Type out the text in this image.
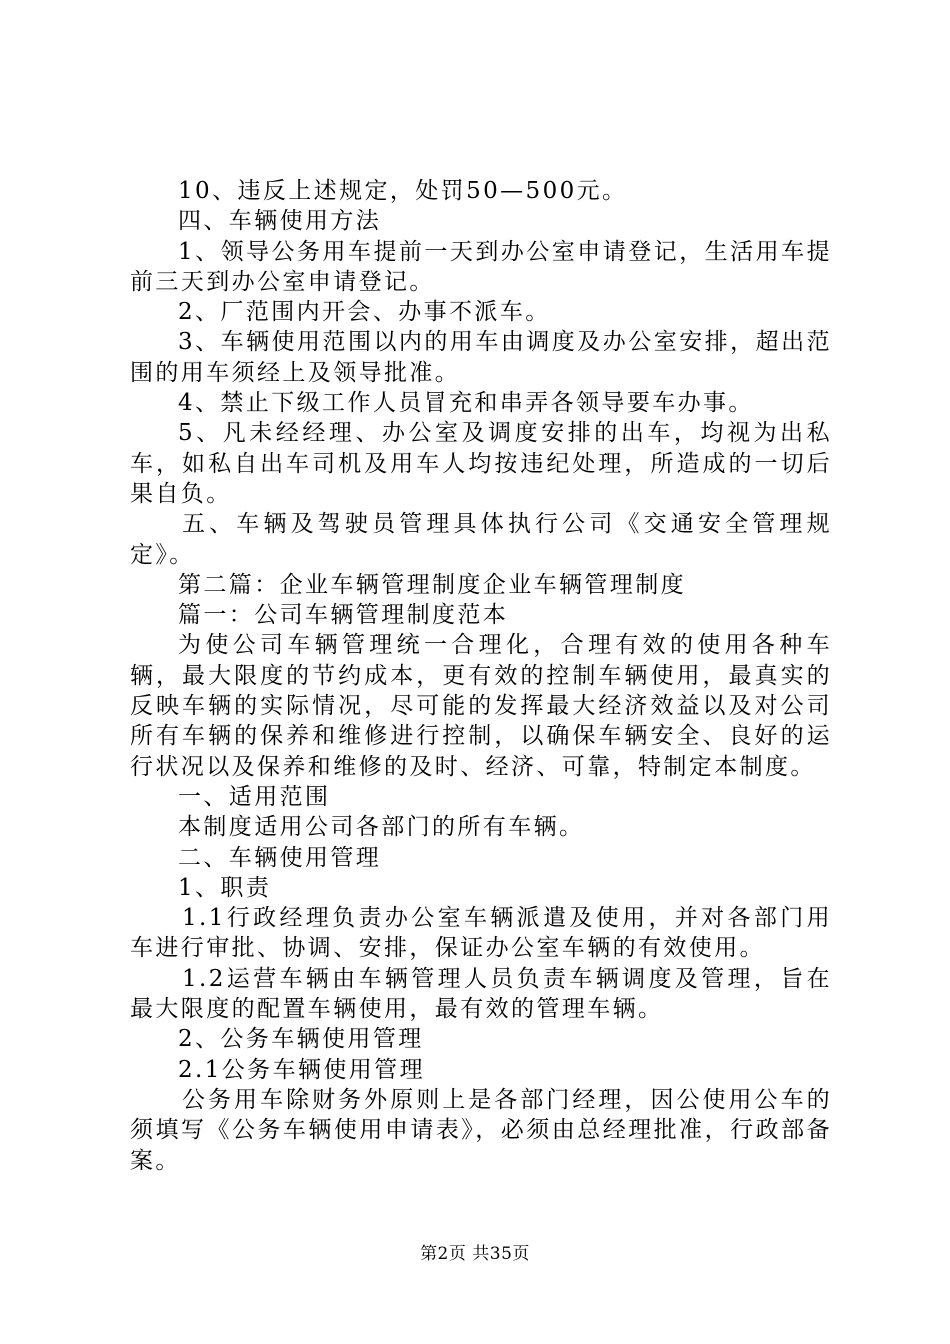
10、违反上述规定，处罚50—500元。

四、车辆使用方法

1、领导公务用车提前一天到办公室申请登记，生活用车提前三天到办公室申请登记。

2、厂范围内开会、办事不派车。

3、车辆使用范围以内的用车由调度及办公室安排，超出范围的用车须经上及领导批准。

4、禁止下级工作人员冒充和串弄各领导要车办事。

5、凡未经经理、办公室及调度安排的出车，均视为出私车，如私自出车司机及用车人均按违纪处理，所造成的一切后果自负。

五、车辆及驾驶员管理具体执行公司《交通安全管理规定》。

第二篇：企业车辆管理制度企业车辆管理制度

篇一：公司车辆管理制度范本

为使公司车辆管理统一合理化，合理有效的使用各种车辆，最大限度的节约成本，更有效的控制车辆使用，最真实的反映车辆的实际情况，尽可能的发挥最大经济效益以及对公司所有车辆的保养和维修进行控制，以确保车辆安全、良好的运行状况以及保养和维修的及时、经济、可靠，特制定本制度。

一、适用范围

本制度适用公司各部门的所有车辆。

二、车辆使用管理

1、职责

1.1行政经理负责办公室车辆派遣及使用，并对各部门用车进行审批、协调、安排，保证办公室车辆的有效使用。

1.2运营车辆由车辆管理人员负责车辆调度及管理，旨在最大限度的配置车辆使用，最有效的管理车辆。

2、公务车辆使用管理

2.1公务车辆使用管理

公务用车除财务外原则上是各部门经理，因公使用公车的须填写《公务车辆使用申请表》，必须由总经理批准，行政部备案。

第2页 共35页
